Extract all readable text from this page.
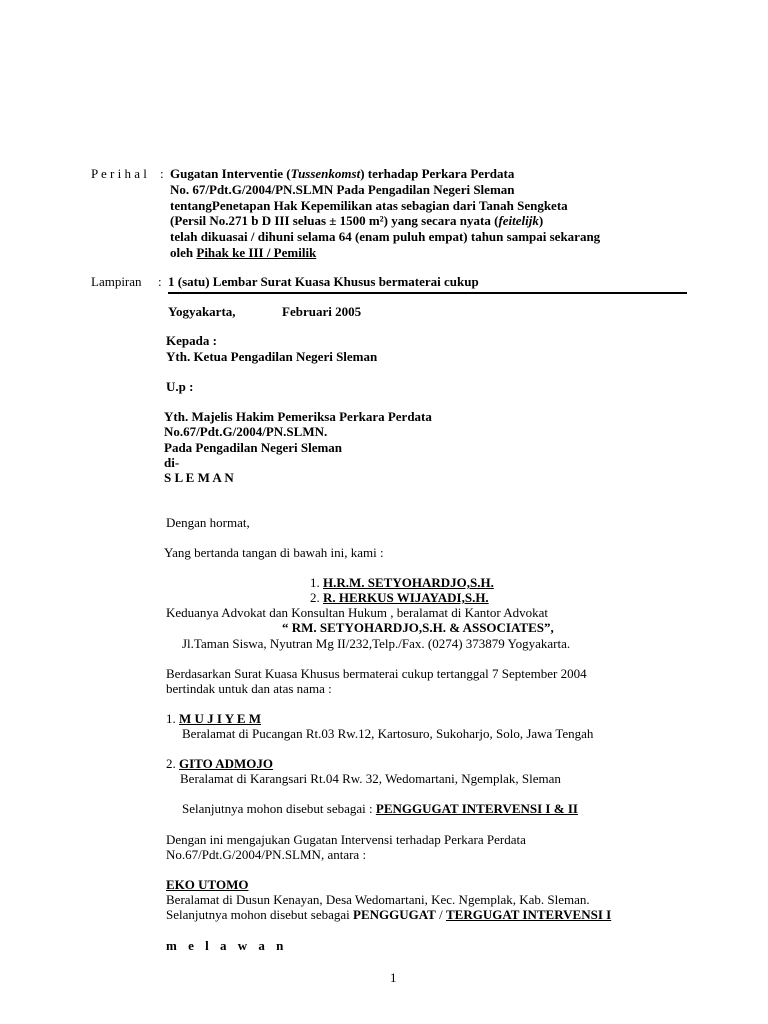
P e r i h a l : Gugatan Interventie (Tussenkomst) terhadap Perkara Perdata
No. 67/Pdt.G/2004/PN.SLMN Pada Pengadilan Negeri Sleman
tentangPenetapan Hak Kepemilikan atas sebagian dari Tanah Sengketa
(Persil No.271 b D III seluas ± 1500 m²) yang secara nyata (feitelijk)
telah dikuasai / dihuni selama 64 (enam puluh empat) tahun sampai sekarang
oleh Pihak ke III / Pemilik
Lampiran : 1 (satu) Lembar Surat Kuasa Khusus bermaterai cukup
Yogyakarta,	Februari 2005
Kepada :
Yth. Ketua Pengadilan Negeri Sleman
U.p :
Yth. Majelis Hakim Pemeriksa Perkara Perdata
No.67/Pdt.G/2004/PN.SLMN.
Pada Pengadilan Negeri Sleman
di-
S L E M A N
Dengan hormat,
Yang bertanda tangan di bawah ini, kami :
1. H.R.M. SETYOHARDJO,S.H.
2. R. HERKUS WIJAYADI,S.H.
Keduanya Advokat dan Konsultan Hukum , beralamat di Kantor Advokat
“ RM. SETYOHARDJO,S.H. & ASSOCIATES”,
Jl.Taman Siswa, Nyutran Mg II/232,Telp./Fax. (0274) 373879 Yogyakarta.
Berdasarkan Surat Kuasa Khusus bermaterai cukup tertanggal 7 September 2004
bertindak untuk dan atas nama :
1. M U J I Y E M
Beralamat di Pucangan Rt.03 Rw.12, Kartosuro, Sukoharjo, Solo, Jawa Tengah
2. GITO ADMOJO
Beralamat di Karangsari Rt.04 Rw. 32, Wedomartani, Ngemplak, Sleman
Selanjutnya mohon disebut sebagai : PENGGUGAT INTERVENSI I & II
Dengan ini mengajukan Gugatan Intervensi terhadap Perkara Perdata
No.67/Pdt.G/2004/PN.SLMN, antara :
EKO UTOMO
Beralamat di Dusun Kenayan, Desa Wedomartani, Kec. Ngemplak, Kab. Sleman.
Selanjutnya mohon disebut sebagai PENGGUGAT / TERGUGAT INTERVENSI I
m e l a w a n
1
